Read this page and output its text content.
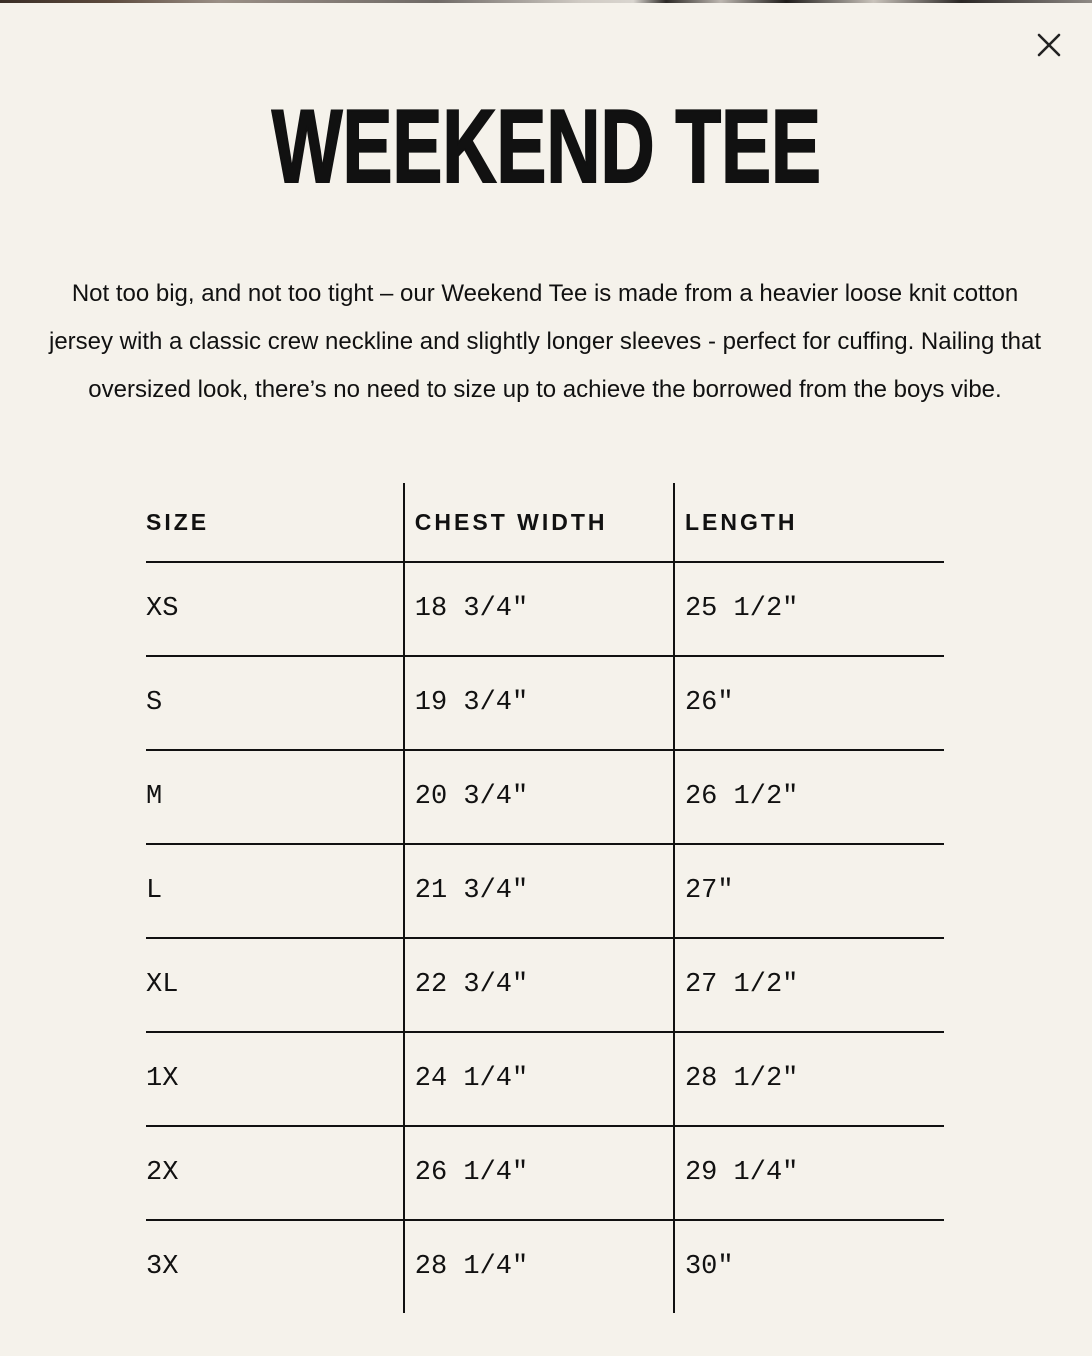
WEEKEND TEE

Not too big, and not too tight – our Weekend Tee is made from a heavier loose knit cotton jersey with a classic crew neckline and slightly longer sleeves - perfect for cuffing. Nailing that oversized look, there’s no need to size up to achieve the borrowed from the boys vibe.

SIZE	CHEST WIDTH	LENGTH
XS	18 3/4"	25 1/2"
S	19 3/4"	26"
M	20 3/4"	26 1/2"
L	21 3/4"	27"
XL	22 3/4"	27 1/2"
1X	24 1/4"	28 1/2"
2X	26 1/4"	29 1/4"
3X	28 1/4"	30″
